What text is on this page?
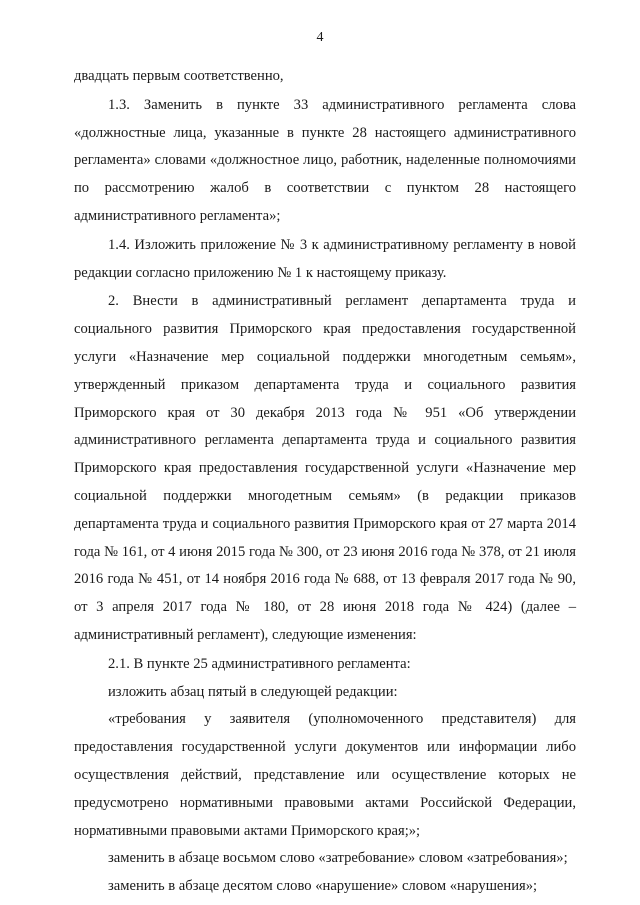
4

двадцать первым соответственно,

1.3. Заменить в пункте 33 административного регламента слова «должностные лица, указанные в пункте 28 настоящего административного регламента» словами «должностное лицо, работник, наделенные полномочиями по рассмотрению жалоб в соответствии с пунктом 28 настоящего административного регламента»;

1.4. Изложить приложение № 3 к административному регламенту в новой редакции согласно приложению № 1 к настоящему приказу.

2. Внести в административный регламент департамента труда и социального развития Приморского края предоставления государственной услуги «Назначение мер социальной поддержки многодетным семьям», утвержденный приказом департамента труда и социального развития Приморского края от 30 декабря 2013 года № 951 «Об утверждении административного регламента департамента труда и социального развития Приморского края предоставления государственной услуги «Назначение мер социальной поддержки многодетным семьям» (в редакции приказов департамента труда и социального развития Приморского края от 27 марта 2014 года № 161, от 4 июня 2015 года № 300, от 23 июня 2016 года № 378, от 21 июля 2016 года № 451, от 14 ноября 2016 года № 688, от 13 февраля 2017 года № 90, от 3 апреля 2017 года № 180, от 28 июня 2018 года № 424) (далее – административный регламент), следующие изменения:

2.1. В пункте 25 административного регламента:

изложить абзац пятый в следующей редакции:

«требования у заявителя (уполномоченного представителя) для предоставления государственной услуги документов или информации либо осуществления действий, представление или осуществление которых не предусмотрено нормативными правовыми актами Российской Федерации, нормативными правовыми актами Приморского края;»;

заменить в абзаце восьмом слово «затребование» словом «затребования»;

заменить в абзаце десятом слово «нарушение» словом «нарушения»;
